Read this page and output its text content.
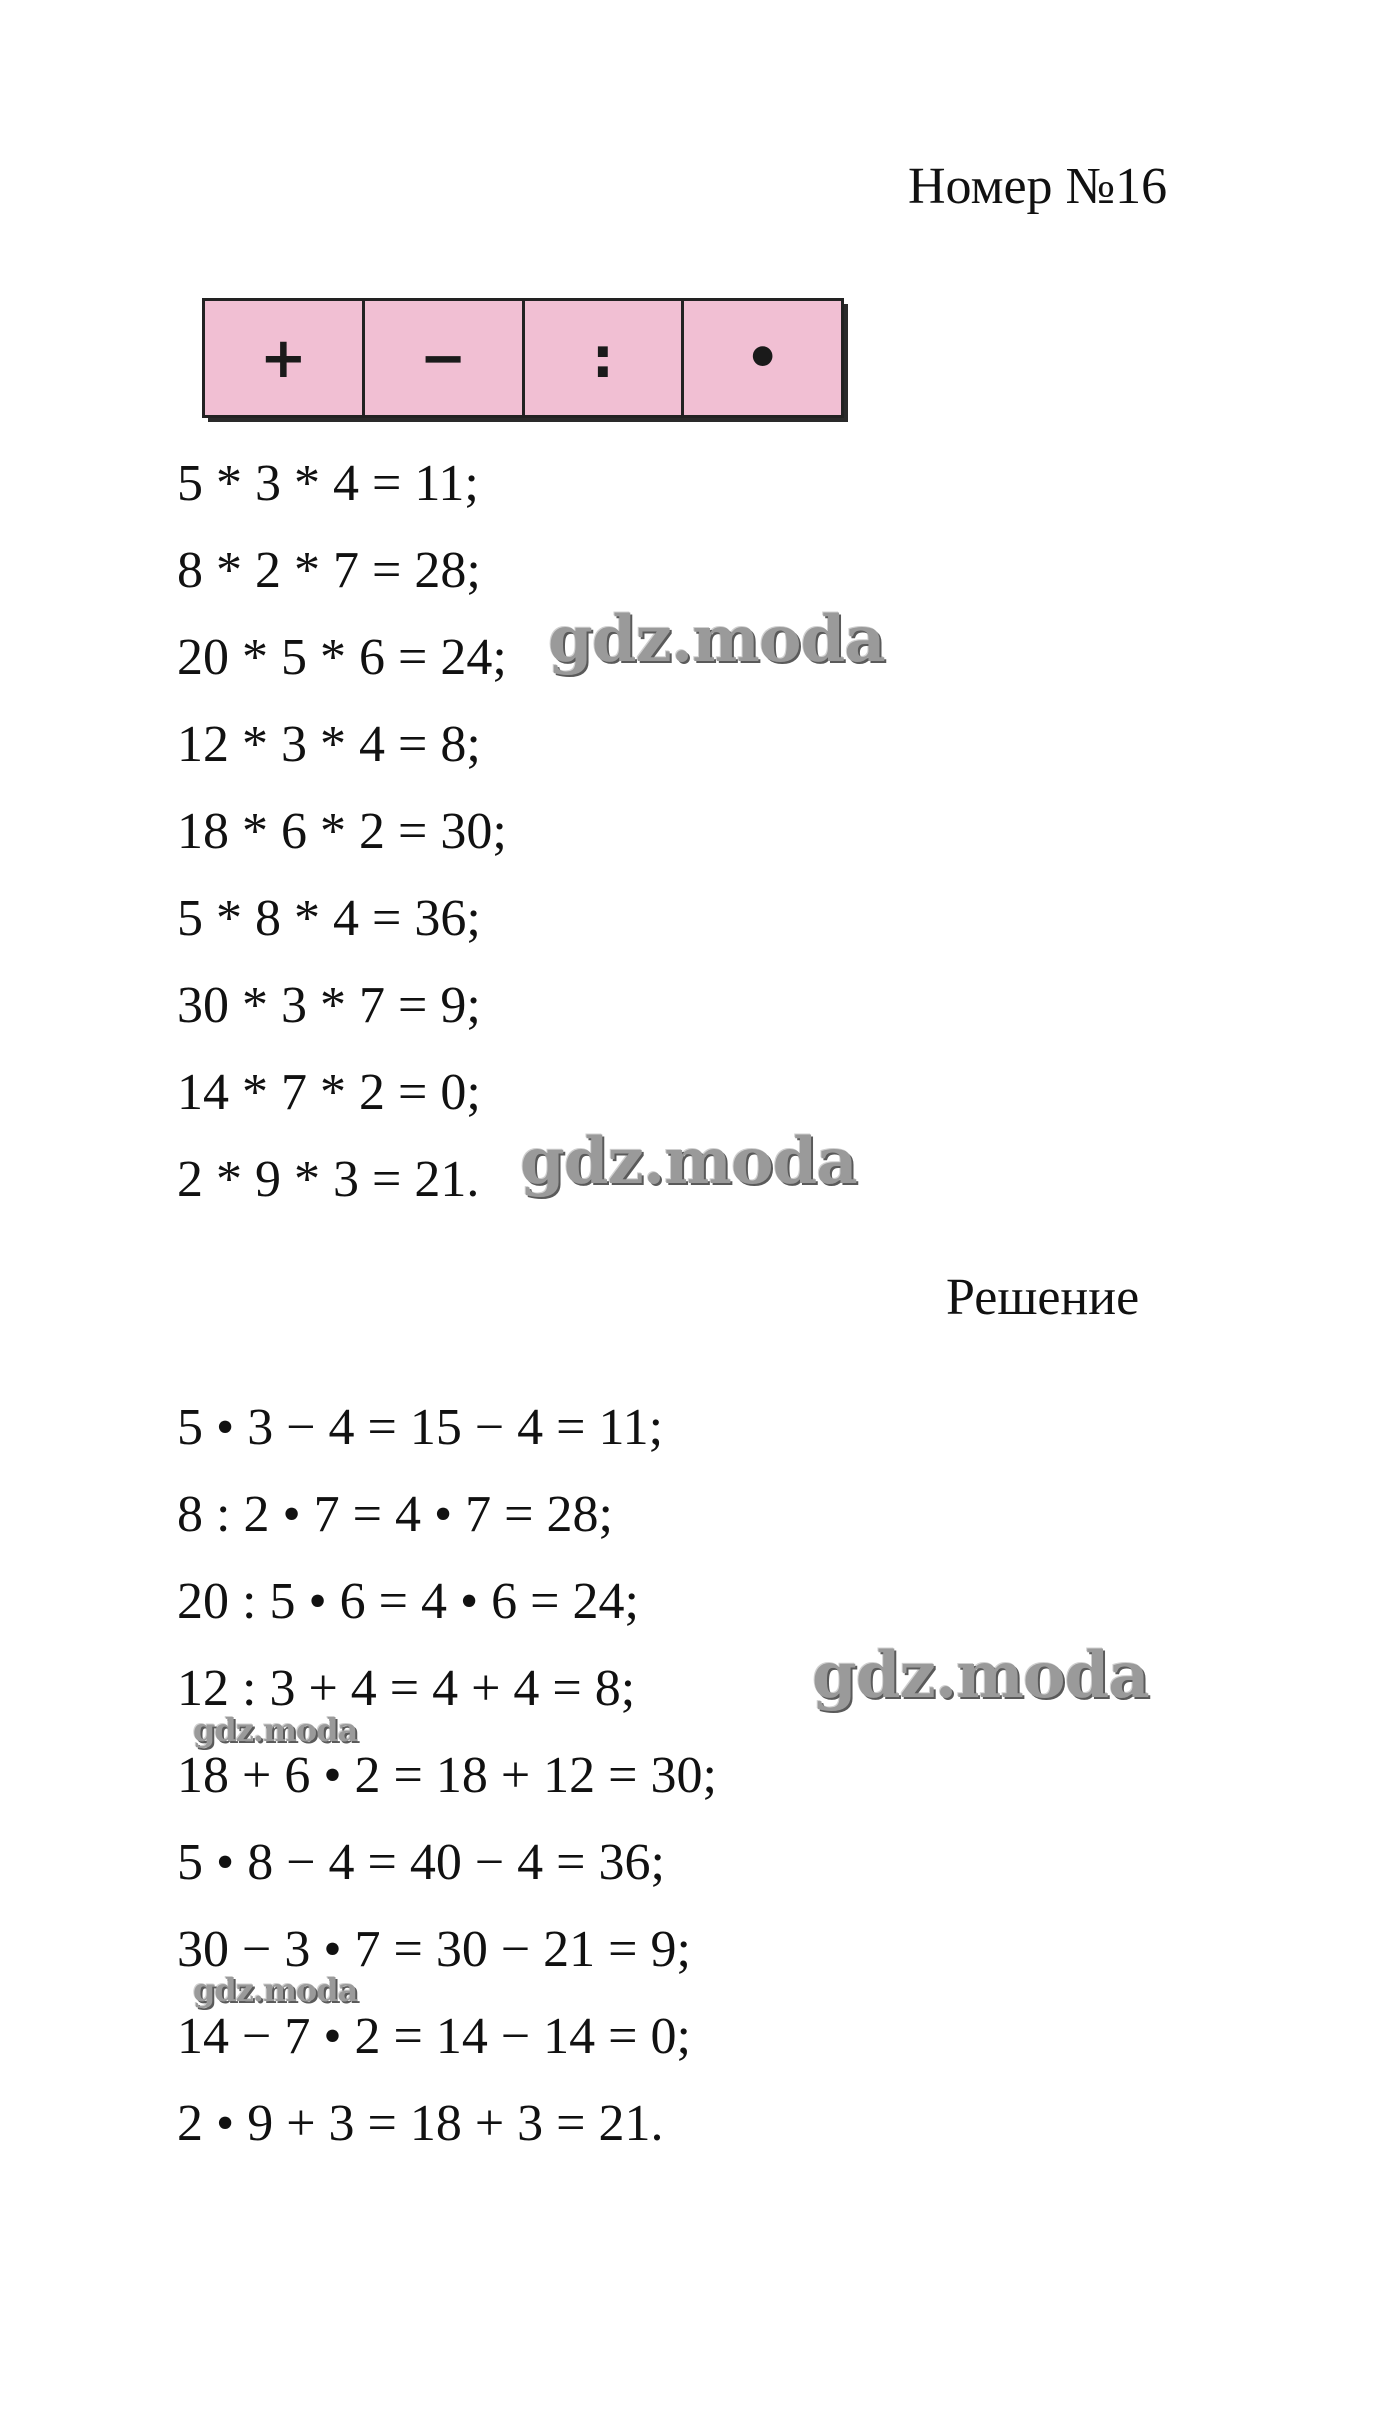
Номер №16
+	−	:	•
5 * 3 * 4 = 11;
8 * 2 * 7 = 28;
20 * 5 * 6 = 24;
12 * 3 * 4 = 8;
18 * 6 * 2 = 30;
5 * 8 * 4 = 36;
30 * 3 * 7 = 9;
14 * 7 * 2 = 0;
2 * 9 * 3 = 21.
Решение
5 • 3 − 4 = 15 − 4 = 11;
8 : 2 • 7 = 4 • 7 = 28;
20 : 5 • 6 = 4 • 6 = 24;
12 : 3 + 4 = 4 + 4 = 8;
18 + 6 • 2 = 18 + 12 = 30;
5 • 8 − 4 = 40 − 4 = 36;
30 − 3 • 7 = 30 − 21 = 9;
14 − 7 • 2 = 14 − 14 = 0;
2 • 9 + 3 = 18 + 3 = 21.
gdz.moda
gdz.moda
gdz.moda
gdz.moda
gdz.moda
